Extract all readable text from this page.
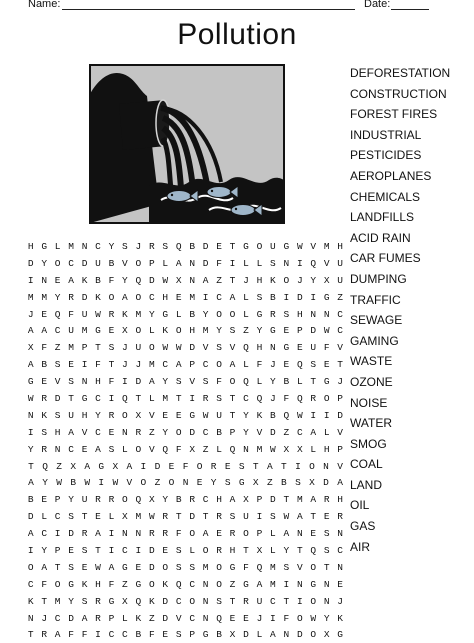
Name:	Date:
Pollution
H G L M N C Y S J R S Q B D E T G O U G W V M H
D Y O C D U B V O P L A N D F I L L S N I Q V U
I N E A K B F Y Q D W X N A Z T J H K O J Y X U
M M Y R D K O A O C H E M I C A L S B I D I G Z
J E Q F U W R K M Y G L B Y O O L G R S H N N C
A A C U M G E X O L K O H M Y S Z Y G E P D W C
X F Z M P T S J U O W W D V S V Q H N G E U F V
A B S E I F T J J M C A P C O A L F J E Q S E T
G E V S N H F I D A Y S V S F O Q L Y B L T G J
W R D T G C I Q T L M T I R S T C Q J F Q R O P
N K S U H Y R O X V E E G W U T Y K B Q W I I D
I S H A V C E N R Z Y O D C B P Y V D Z C A L V
Y R N C E A S L O V Q F X Z L Q N M W X X L H P
T Q Z X A G X A I D E F O R E S T A T I O N V
A Y W B W I W V O Z O N E Y S G X Z B S X D A
B E P Y U R R O Q X Y B R C H A X P D T M A R H
D L C S T E L X M W R T D T R S U I S W A T E R
A C I D R A I N N R R F O A E R O P L A N E S N
I Y P E S T I C I D E S L O R H T X L Y T Q S C
O A T S E W A G E D O S S M O G F Q M S V O T N
C F O G K H F Z G O K Q C N O Z G A M I N G N E
K T M Y S R G X Q K D C O N S T R U C T I O N J
N J C D A R P L K Z D V C N Q E E J I F O W Y K
T R A F F I C C B F E S P G B X D L A N D O X G
DEFORESTATION
CONSTRUCTION
FOREST FIRES
INDUSTRIAL
PESTICIDES
AEROPLANES
CHEMICALS
LANDFILLS
ACID RAIN
CAR FUMES
DUMPING
TRAFFIC
SEWAGE
GAMING
WASTE
OZONE
NOISE
WATER
SMOG
COAL
LAND
OIL
GAS
AIR
